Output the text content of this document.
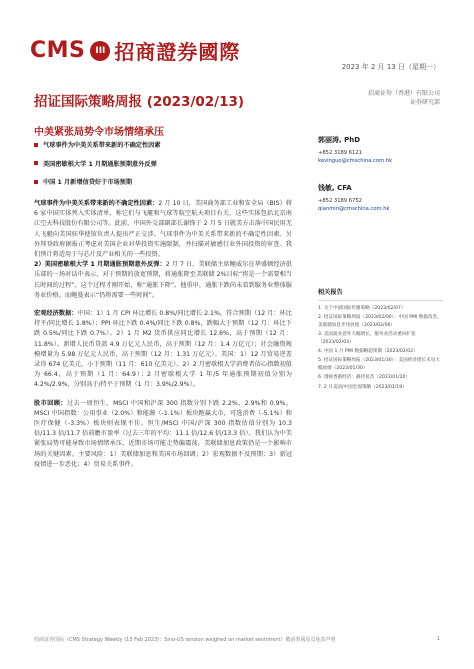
CMS	III 招商證券國際
2023 年 2 月 13 日（星期一）
招证国际策略周报 (2023/02/13)
招商证券（香港）有限公司
证券研究部
中美紧张局势令市场情绪承压
气球事件为中美关系带来新的不确定性因素
美国密歇根大学 1 月期通胀预期意外反弹
中国 1 月新增信贷好于市场预期

气球事件为中美关系带来新的不确定性因素：2 月 10 日，美国商务部工业和安全局（BIS）将 6 家中国实体列入实体清单，称它们与飞艇和气球等航空航天项目有关。这些实体包括北京南江空天科技股份有限公司等。此前，中国外交部副部长谢锋于 2 月 5 日就美方击落中国民用无人飞艇向美国驻华使馆负责人提出严正交涉。气球事件为中美关系带来新的不确定性因素。另外拜登政府据报正考虑对美国企业对华投资实施限制，并扫描对敏感行业外国投资的审查。我们预计将适用于与芯片及产业相关的一些投资。

2）美国密歇根大学 1 月期通胀预期意外反弹：2 月 7 日，美联储主席鲍威尔在华盛顿经济俱乐部的一场对话中表示，对于预期的放宽预期，将通胀降至美联储 2%目标“将是一个需要相当长时间的过程”。这个过程才刚开始，称“通胀下降”。他重申，通胀下跌尚未看到服务业整体服务业价格。而鲍曼表示“仍将需要一些时间”。

宏观经济数据：中国：1）1 月 CPI 环比增长 0.8%/同比增长 2.1%，符合预期（12 月：环比持平/同比增长 1.8%）；PPI 环比下跌 0.4%/同比下跌 0.8%，跌幅大于预期（12 月：环比下跌 0.5%/同比下跌 0.7%）。2）1 月 M2 货币供应同比增长 12.6%，高于预期（12 月：11.8%），新增人民币贷款 4.9 万亿元人民币，高于预期（12 月：1.4 万亿元）；社会融资规模增量为 5.98 万亿元人民币，高于预期（12 月：1.31 万亿元）。美国：1）12 月贸易逆差录得 674 亿美元，小于预期（11 月：610 亿美元）。2）2 月密歇根大学消费者信心指数初值为 66.4，高于预期（1 月：64.9）；2 月密歇根大学 1 年/5 年通胀预期初值分别为 4.2%/2.9%，分别高于/持平于预期（1 月：3.9%/2.9%）。

股市回顾：过去一周恒生、MSCI 中国和沪深 300 指数分别下跌 2.2%、2.9%和 0.9%。MSCI 中国指数：公用事业（2.0%）和能源（-1.1%）板块跑赢大市，可选消费（-5.1%）和医疗保健（-3.3%）板块则表现不佳。恒生/MSCI 中国/沪深 300 指数估值分别为 10.3 倍/11.3 倍/11.7 倍前瞻市盈率（过去三年的平均：11.1 倍/12.6 倍/13.3 倍）。我们认为中美紧张局势可能导致市场情绪承压，近期市场可能走势偏震荡。美联储加息政策仍是一个影响市场的关键因素。主要风险：1）美联储加息和美国市场回调；2）宏观数据不及预期；3）新冠疫情进一步恶化；4）贸易关系事件。

郭丽涛, PhD
+852 3189 6121
kevinguo@cmschina.com.hk
钱敏, CFA
+852 3189 6752
qianmin@cmschina.com.hk
相关报告
1. 关于中国国际传播策略（2023/02/07）
2. 招证国际策略周报（2023/02/06）：中国 PMI 数据改善，美联储加息步伐放缓（2023/02/06）
3. 美国就业意外大幅增长，服务业活动重回扩张（2023/02/03）
4. 中国 1 月 PMI 数据略超预期（2023/02/02）
5. 招证国际策略周报（2023/01/30）：美国经济增长未见大幅放缓（2023/01/30）
6. 透视香港经济：静待复苏（2023/01/20）
7. 2 月美国/中国宏观策略（2023/01/19）
招商证券国际（CMS Strategy Weekly (13 Feb 2023)：Sino-US tension weighed on market sentiment）敬请参阅尾页免责声明	1
